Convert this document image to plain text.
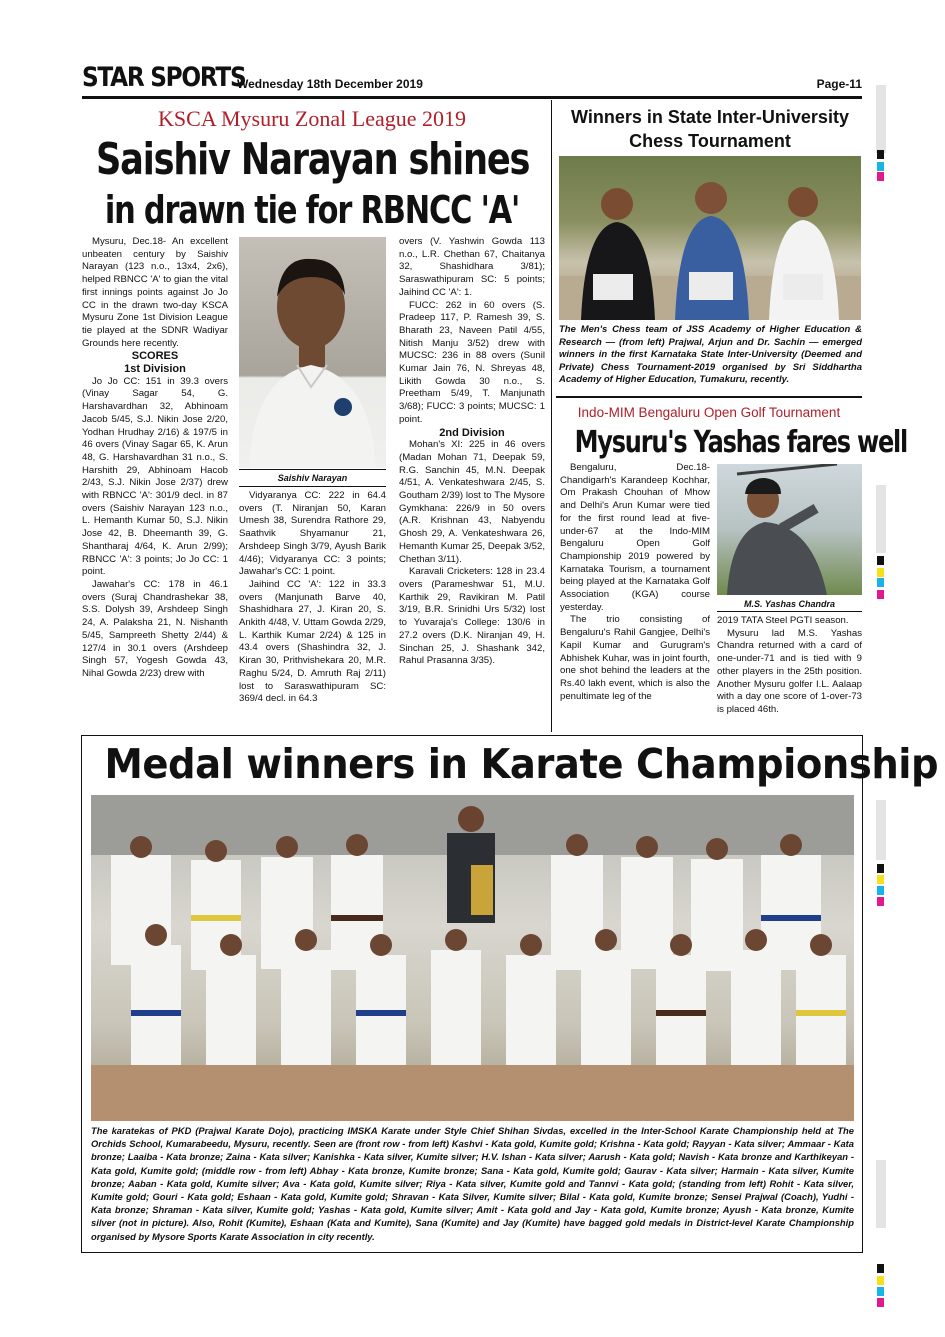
STAR SPORTS
Wednesday 18th December 2019	Page-11
KSCA Mysuru Zonal League 2019
Saishiv Narayan shines
in drawn tie for RBNCC 'A'

Mysuru, Dec.18- An excellent unbeaten century by Saishiv Narayan (123 n.o., 13x4, 2x6), helped RBNCC 'A' to gian the vital first innings points against Jo Jo CC in the drawn two-day KSCA Mysuru Zone 1st Division League tie played at the SDNR Wadiyar Grounds here recently.

SCORES

1st Division

Jo Jo CC: 151 in 39.3 overs (Vinay Sagar 54, G. Harshavardhan 32, Abhinoam Jacob 5/45, S.J. Nikin Jose 2/20, Yodhan Hrudhay 2/16) & 197/5 in 46 overs (Vinay Sagar 65, K. Arun 48, G. Harshavardhan 31 n.o., S. Harshith 29, Abhinoam Hacob 2/43, S.J. Nikin Jose 2/37) drew with RBNCC 'A': 301/9 decl. in 87 overs (Saishiv Narayan 123 n.o., L. Hemanth Kumar 50, S.J. Nikin Jose 42, B. Dheemanth 39, G. Shantharaj 4/64, K. Arun 2/99); RBNCC 'A': 3 points; Jo Jo CC: 1 point.

Jawahar's CC: 178 in 46.1 overs (Suraj Chandrashekar 38, S.S. Dolysh 39, Arshdeep Singh 24, A. Palaksha 21, N. Nishanth 5/45, Sampreeth Shetty 2/44) & 127/4 in 30.1 overs (Arshdeep Singh 57, Yogesh Gowda 43, Nihal Gowda 2/23) drew with

Saishiv Narayan

Vidyaranya CC: 222 in 64.4 overs (T. Niranjan 50, Karan Umesh 38, Surendra Rathore 29, Saathvik Shyamanur 21, Arshdeep Singh 3/79, Ayush Barik 4/46); Vidyaranya CC: 3 points; Jawahar's CC: 1 point.

Jaihind CC 'A': 122 in 33.3 overs (Manjunath Barve 40, Shashidhara 27, J. Kiran 20, S. Ankith 4/48, V. Uttam Gowda 2/29, L. Karthik Kumar 2/24) & 125 in 43.4 overs (Shashindra 32, J. Kiran 30, Prithvishekara 20, M.R. Raghu 5/24, D. Amruth Raj 2/11) lost to Saraswathipuram SC: 369/4 decl. in 64.3

overs (V. Yashwin Gowda 113 n.o., L.R. Chethan 67, Chaitanya 32, Shashidhara 3/81); Saraswathipuram SC: 5 points; Jaihind CC 'A': 1.

FUCC: 262 in 60 overs (S. Pradeep 117, P. Ramesh 39, S. Bharath 23, Naveen Patil 4/55, Nitish Manju 3/52) drew with MUCSC: 236 in 88 overs (Sunil Kumar Jain 76, N. Shreyas 48, Likith Gowda 30 n.o., S. Preetham 5/49, T. Manjunath 3/68); FUCC: 3 points; MUCSC: 1 point.

2nd Division

Mohan's XI: 225 in 46 overs (Madan Mohan 71, Deepak 59, R.G. Sanchin 45, M.N. Deepak 4/51, A. Venkateshwara 2/45, S. Goutham 2/39) lost to The Mysore Gymkhana: 226/9 in 50 overs (A.R. Krishnan 43, Nabyendu Ghosh 29, A. Venkateshwara 26, Hemanth Kumar 25, Deepak 3/52, Chethan 3/11).

Karavali Cricketers: 128 in 23.4 overs (Parameshwar 51, M.U. Karthik 29, Ravikiran M. Patil 3/19, B.R. Srinidhi Urs 5/32) lost to Yuvaraja's College: 130/6 in 27.2 overs (D.K. Niranjan 49, H. Sinchan 25, J. Shashank 342, Rahul Prasanna 3/35).

Winners in State Inter-University
Chess Tournament
The Men's Chess team of JSS Academy of Higher Education & Research — (from left) Prajwal, Arjun and Dr. Sachin — emerged winners in the first Karnataka State Inter-University (Deemed and Private) Chess Tournament-2019 organised by Sri Siddhartha Academy of Higher Education, Tumakuru, recently.
Indo-MIM Bengaluru Open Golf Tournament
Mysuru's Yashas fares well

Bengaluru, Dec.18- Chandigarh's Karandeep Kochhar, Om Prakash Chouhan of Mhow and Delhi's Arun Kumar were tied for the first round lead at five-under-67 at the Indo-MIM Bengaluru Open Golf Championship 2019 powered by Karnataka Tourism, a tournament being played at the Karnataka Golf Association (KGA) course yesterday.

The trio consisting of Bengaluru's Rahil Gangjee, Delhi's Kapil Kumar and Gurugram's Abhishek Kuhar, was in joint fourth, one shot behind the leaders at the Rs.40 lakh event, which is also the penultimate leg of the

M.S. Yashas Chandra

2019 TATA Steel PGTI season.

Mysuru lad M.S. Yashas Chandra returned with a card of one-under-71 and is tied with 9 other players in the 25th position. Another Mysuru golfer I.L. Aalaap with a day one score of 1-over-73 is placed 46th.

Medal winners in Karate Championship
The karatekas of PKD (Prajwal Karate Dojo), practicing IMSKA Karate under Style Chief Shihan Sivdas, excelled in the Inter-School Karate Championship held at The Orchids School, Kumarabeedu, Mysuru, recently. Seen are (front row - from left) Kashvi - Kata gold, Kumite gold; Krishna - Kata gold; Rayyan - Kata silver; Ammaar - Kata bronze; Laaiba - Kata bronze; Zaina - Kata silver; Kanishka - Kata silver, Kumite silver; H.V. Ishan - Kata silver; Aarush - Kata gold; Navish - Kata bronze and Karthikeyan - Kata gold, Kumite gold; (middle row - from left) Abhay - Kata bronze, Kumite bronze; Sana - Kata gold, Kumite gold; Gaurav - Kata silver; Harmain - Kata silver, Kumite bronze; Aaban - Kata gold, Kumite silver; Ava - Kata gold, Kumite silver; Riya - Kata silver, Kumite gold and Tannvi - Kata gold; (standing from left) Rohit - Kata silver, Kumite gold; Gouri - Kata gold; Eshaan - Kata gold, Kumite gold; Shravan - Kata Silver, Kumite silver; Bilal - Kata gold, Kumite bronze; Sensei Prajwal (Coach), Yudhi - Kata bronze; Shraman - Kata silver, Kumite gold; Yashas - Kata gold, Kumite silver; Amit - Kata gold and Jay - Kata gold, Kumite bronze; Ayush - Kata bronze, Kumite silver (not in picture). Also, Rohit (Kumite), Eshaan (Kata and Kumite), Sana (Kumite) and Jay (Kumite) have bagged gold medals in District-level Karate Championship organised by Mysore Sports Karate Association in city recently.
